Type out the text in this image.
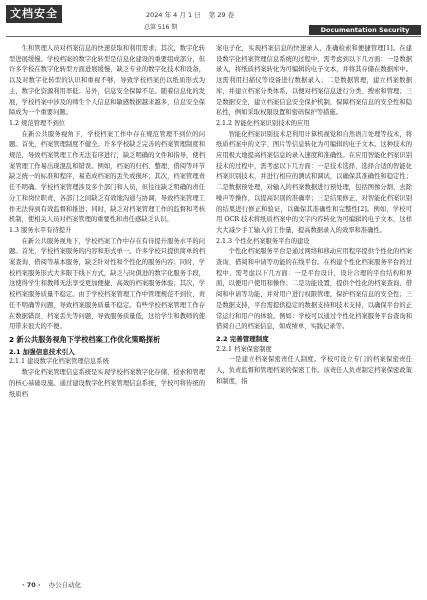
文档安全	2024 年 4 月 1 日 第 29 卷
总第 516 期	Documentation Security
生和管理人员对档案信息的快速获取和利用需求；其次，数字化转型进展缓慢。学校档案的数字化转型是信息化建设的重要组成部分，但许多学校在数字化转型方面进展缓慢，缺乏专业的数字化技术和设备，以及对数字化转型的认识和重视不够，导致学校档案仍以纸质形式为主，数字化资源利用率低；另外，信息安全保障不足。随着信息化的发展，学校档案中涉及的师生个人信息和敏感数据越来越多，信息安全保障成为一个重要问题。
1.2 规范管理不到位
在新公共服务视角下，学校档案工作中存在规范管理不到位的问题。首先，档案管理制度不健全。许多学校缺乏完善的档案管理制度和规范，导致档案管理工作无法有序进行，缺乏明确的文件和指导，使档案管理工作易出现混乱和错误。例如，档案的归档、整理、借阅等环节缺乏统一的标准和程序，易造成档案的丢失或损坏；其次，档案管理责任不明确。学校档案管理涉及多个部门和人员，但往往缺乏明确的责任分工和岗位职责，各部门之间缺乏有效地沟通与协调，导致档案管理工作无法得到有效监督和推进；同时，缺乏对档案管理工作的监督和考核机制，使相关人员对档案管理的重要性和责任感缺乏认识。
1.3 服务水平有待提升
在新公共服务视角下，学校档案工作中存在有待提升服务水平的问题。首先，学校档案服务的内容和形式单一。许多学校只提供简单的档案查询、借阅等基本服务，缺乏针对性和个性化的服务内容；同时，学校档案服务形式大多限于线下方式，缺乏与时俱进的数字化服务手段，这使得学生和教师无法享受更加便捷、高效的档案服务体验；其次，学校档案服务质量不稳定。由于学校档案管理工作中管理规范不到位，责任不明确等问题，导致档案服务质量不稳定。有些学校档案管理工作存在数据错误、档案丢失等问题，导致服务质量低，这给学生和教师的使用带来很大的不便。
2 新公共服务视角下学校档案工作优化策略探析
2.1 加强信息技术引入
2.1.1 建设数字化档案管理信息系统
数字化档案管理信息系统是实现学校档案数字化存储、检索和管理的核心基础设施。通过建设数字化档案管理信息系统，学校可将传统的纸质档
案电子化，实现档案信息的快速录入、准确检索和便捷管理[1]。在建设数字化档案管理信息系统的过程中，需考虑到以下几方面：一是数据录入，将纸质档案转化为可编辑的电子文本，并将其存储在数据库中。这需利用扫描仪等设备进行数据录入；二是数据管理，建立档案数据库，并建立档案分类体系，以便对档案信息进行分类、搜索和管理；三是数据安全，建立档案信息安全保护机制，保障档案信息的安全性和隐私性，例如采取权限设置和密码保护等措施。
2.1.2 智能化档案识别技术的应用
智能化档案识别技术是利用计算机视觉和自然语言处理等技术，将纸质档案中的文字、图片等信息转化为可编辑的电子文本。这种技术的应用极大地提高档案信息的录入速度和准确性。在应用智能化档案识别技术的过程中，需考虑以下几方面：一是技术选择，选择合适的智能化档案识别技术，并进行相应的测试和调试，以确保其准确性和稳定性；二是数据预处理，对输入的档案数据进行预处理，包括图像分割、去除噪声等操作，以提高识别的准确率；三是结果修正，对智能化档案识别的结果进行修正和验证，以确保其准确性和完整性[2]。例如，学校可用 OCR 技术将纸质档案中的文字内容转化为可编辑的电子文本，这样大大减少手工输入的工作量，提高数据录入的效率和准确性。
2.1.3 个性化档案服务平台的建设
个性化档案服务平台是通过网络和移动应用程序提供个性化的档案查询、借阅和申请等功能的在线平台。在构建个性化档案服务平台的过程中，需考虑以下几方面：一是平台设计，设计合理的平台结构和界面，以便用户使用和操作；二是功能设置，提供个性化的档案查询、借阅和申请等功能，并对用户进行权限管理，保护档案信息的安全性；三是数据支持，平台需提供稳定的数据支持和技术支持，以确保平台的正常运行和用户的体验。例如：学校可以通过个性化档案服务平台查询和借阅自己的档案信息，如成绩单、实践记录等。
2.2 完善管理制度
2.2.1 档案保密制度
一是建立档案保密责任人制度。学校可设立专门的档案保密责任人，负责监督和管理档案的保密工作。该责任人负责制定档案保密政策和制度，指
· 70 · 办公自动化
